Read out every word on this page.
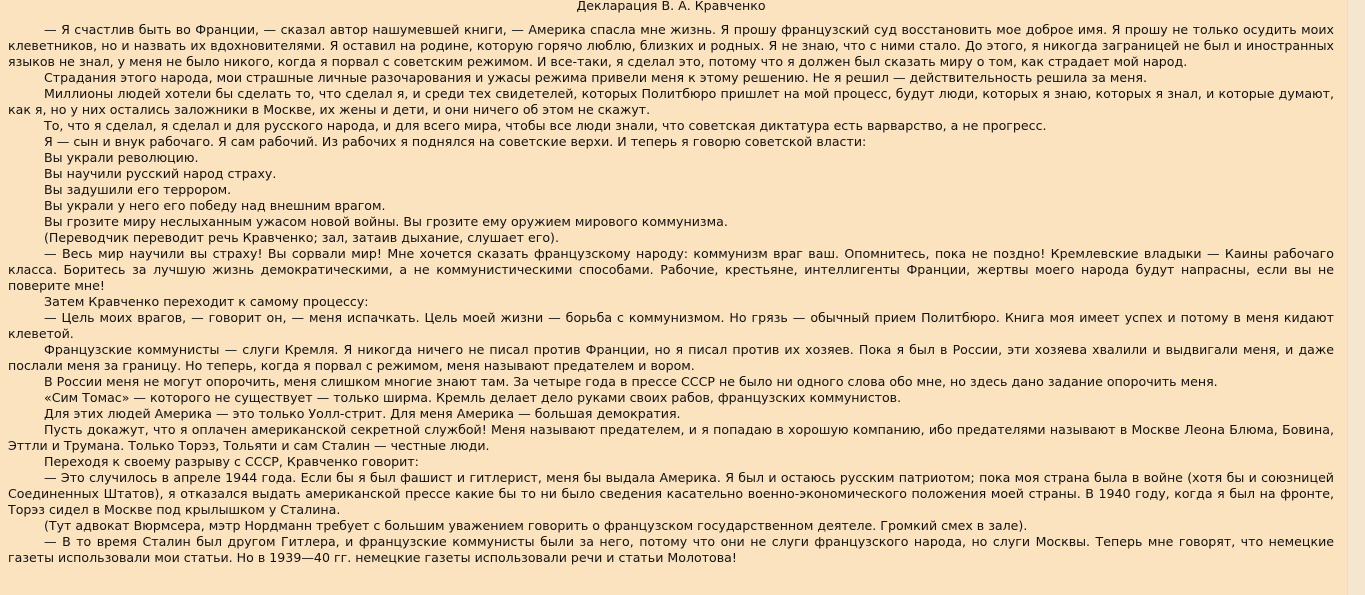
Декларация В. А. Кравченко

— Я счастлив быть во Франции, — сказал автор нашумевшей книги, — Америка спасла мне жизнь. Я прошу французский суд восстановить мое доброе имя. Я прошу не только осудить моих клеветников, но и назвать их вдохновителями. Я оставил на родине, которую горячо люблю, близких и родных. Я не знаю, что с ними стало. До этого, я никогда заграницей не был и иностранных языков не знал, у меня не было никого, когда я порвал с советским режимом. И все-таки, я сделал это, потому что я должен был сказать миру о том, как страдает мой народ.

Страдания этого народа, мои страшные личные разочарования и ужасы режима привели меня к этому решению. Не я решил — действительность решила за меня.

Миллионы людей хотели бы сделать то, что сделал я, и среди тех свидетелей, которых Политбюро пришлет на мой процесс, будут люди, которых я знаю, которых я знал, и которые думают, как я, но у них остались заложники в Москве, их жены и дети, и они ничего об этом не скажут.

То, что я сделал, я сделал и для русского народа, и для всего мира, чтобы все люди знали, что советская диктатура есть варварство, а не прогресс.

Я — сын и внук рабочаго. Я сам рабочий. Из рабочих я поднялся на советские верхи. И теперь я говорю советской власти:

Вы украли революцию.

Вы научили русский народ страху.

Вы задушили его террором.

Вы украли у него его победу над внешним врагом.

Вы грозите миру неслыханным ужасом новой войны. Вы грозите ему оружием мирового коммунизма.

(Переводчик переводит речь Кравченко; зал, затаив дыхание, слушает его).

— Весь мир научили вы страху! Вы сорвали мир! Мне хочется сказать французскому народу: коммунизм враг ваш. Опомнитесь, пока не поздно! Кремлевские владыки — Каины рабочаго класса. Боритесь за лучшую жизнь демократическими, а не коммунистическими способами. Рабочие, крестьяне, интеллигенты Франции, жертвы моего народа будут напрасны, если вы не поверите мне!

Затем Кравченко переходит к самому процессу:

— Цель моих врагов, — говорит он, — меня испачкать. Цель моей жизни — борьба с коммунизмом. Но грязь — обычный прием Политбюро. Книга моя имеет успех и потому в меня кидают клеветой.

Французские коммунисты — слуги Кремля. Я никогда ничего не писал против Франции, но я писал против их хозяев. Пока я был в России, эти хозяева хвалили и выдвигали меня, и даже послали меня за границу. Но теперь, когда я порвал с режимом, меня называют предателем и вором.

В России меня не могут опорочить, меня слишком многие знают там. За четыре года в прессе СССР не было ни одного слова обо мне, но здесь дано задание опорочить меня.

«Сим Томас» — которого не существует — только ширма. Кремль делает дело руками своих рабов, французских коммунистов.

Для этих людей Америка — это только Уолл-стрит. Для меня Америка — большая демократия.

Пусть докажут, что я оплачен американской секретной службой! Меня называют предателем, и я попадаю в хорошую компанию, ибо предателями называют в Москве Леона Блюма, Бовина, Эттли и Трумана. Только Торэз, Тольяти и сам Сталин — честные люди.

Переходя к своему разрыву с СССР, Кравченко говорит:

— Это случилось в апреле 1944 года. Если бы я был фашист и гитлерист, меня бы выдала Америка. Я был и остаюсь русским патриотом; пока моя страна была в войне (хотя бы и союзницей Соединенных Штатов), я отказался выдать американской прессе какие бы то ни было сведения касательно военно-экономического положения моей страны. В 1940 году, когда я был на фронте, Торэз сидел в Москве под крылышком у Сталина.

(Тут адвокат Вюрмсера, мэтр Нордманн требует с большим уважением говорить о французском государственном деятеле. Громкий смех в зале).

— В то время Сталин был другом Гитлера, и французские коммунисты были за него, потому что они не слуги французского народа, но слуги Москвы. Теперь мне говорят, что немецкие газеты использовали мои статьи. Но в 1939—40 гг. немецкие газеты использовали речи и статьи Молотова!
